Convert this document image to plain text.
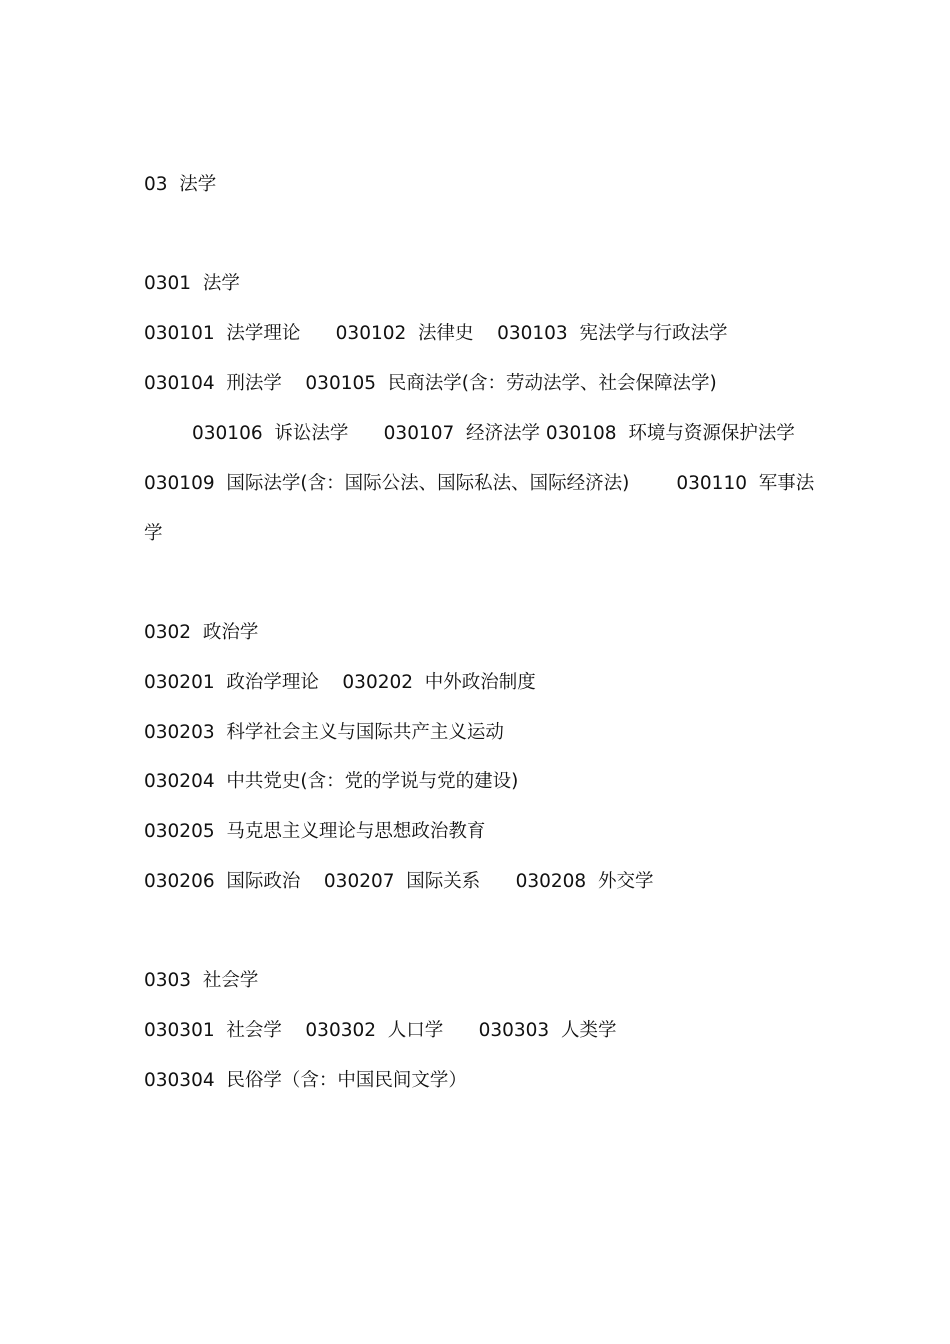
03  法学
0301  法学
030101  法学理论      030102  法律史    030103  宪法学与行政法学
030104  刑法学    030105  民商法学(含：劳动法学、社会保障法学)
030106  诉讼法学      030107  经济法学 030108  环境与资源保护法学
030109  国际法学(含：国际公法、国际私法、国际经济法)        030110  军事法
学
0302  政治学
030201  政治学理论    030202  中外政治制度
030203  科学社会主义与国际共产主义运动
030204  中共党史(含：党的学说与党的建设)
030205  马克思主义理论与思想政治教育
030206  国际政治    030207  国际关系      030208  外交学
0303  社会学
030301  社会学    030302  人口学      030303  人类学
030304  民俗学（含：中国民间文学）
